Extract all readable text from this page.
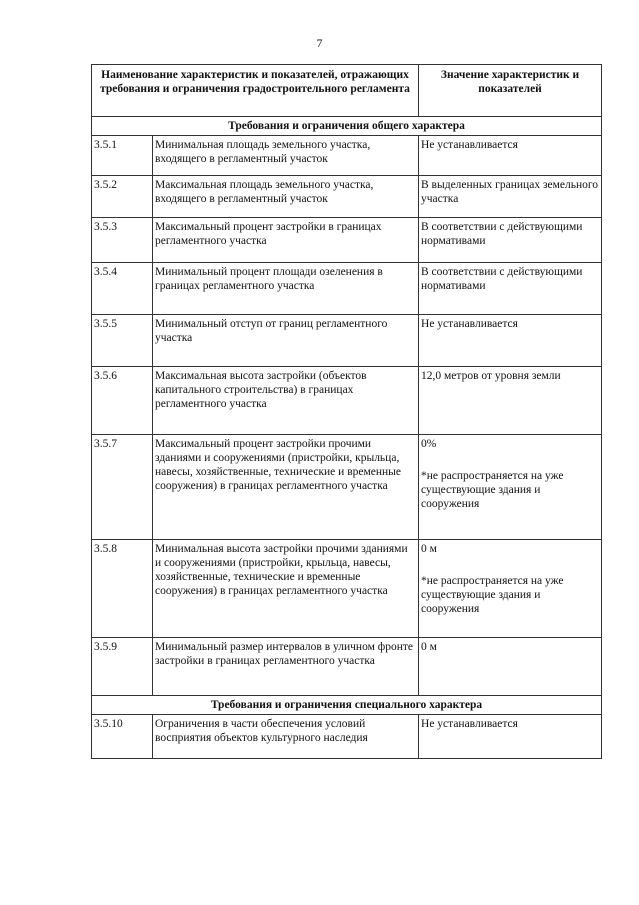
7
Наименование характеристик и показателей, отражающих требования и ограничения градостроительного регламента		Значение характеристик и показателей
Требования и ограничения общего характера		
3.5.1	Минимальная площадь земельного участка, входящего в регламентный участок	Не устанавливается
3.5.2	Максимальная площадь земельного участка, входящего в регламентный участок	В выделенных границах земельного участка
3.5.3	Максимальный процент застройки в границах регламентного участка	В соответствии с действующими нормативами
3.5.4	Минимальный процент площади озеленения в границах регламентного участка	В соответствии с действующими нормативами
3.5.5	Минимальный отступ от границ регламентного участка	Не устанавливается
3.5.6	Максимальная высота застройки (объектов капитального строительства) в границах регламентного участка	12,0 метров от уровня земли
3.5.7	Максимальный процент застройки прочими зданиями и сооружениями (пристройки, крыльца, навесы, хозяйственные, технические и временные сооружения) в границах регламентного участка	0%
*не распространяется на уже существующие здания и сооружения
3.5.8	Минимальная высота застройки прочими зданиями и сооружениями (пристройки, крыльца, навесы, хозяйственные, технические и временные сооружения) в границах регламентного участка	0 м
*не распространяется на уже существующие здания и сооружения
3.5.9	Минимальный размер интервалов в уличном фронте застройки в границах регламентного участка	0 м
Требования и ограничения специального характера		
3.5.10	Ограничения в части обеспечения условий восприятия объектов культурного наследия	Не устанавливается
